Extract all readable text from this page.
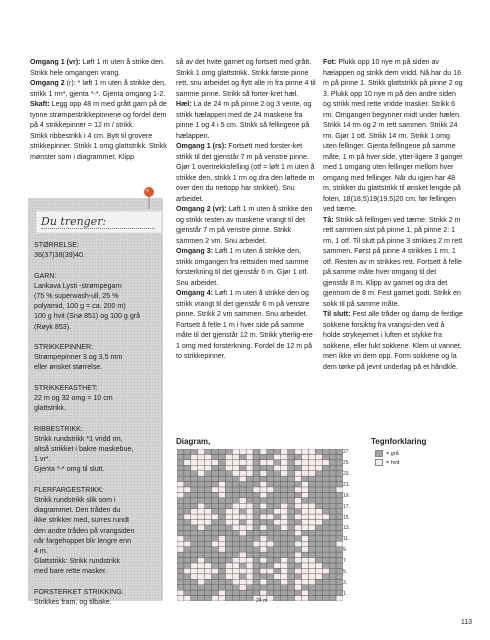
Omgang 1 (vr): Løft 1 m uten å strike den. Strikk hele omgangen vrang.

Omgang 2 (r): * løft 1 m uten å strikke den, strikk 1 rm*, gjenta *-*. Gjenta omgang 1-2.

Skaft: Legg opp 48 m med grått garn på de tynne strømpestrikkepinnene og fordel dem på 4 strikkepinner = 12 m / strikk.

Strikk ribbestrikk i 4 cm. Bytt til grovere strikkepinner. Strikk 1 omg glattstrikk. Strikk mønster som i diagrammet. Klipp

så av det hvite garnet og fortsett med grått.

Strikk 1 omg glattstrikk. Strikk første pinne rett, snu arbeidet og flytt alle m fra pinne 4 til samme pinne. Strikk så forter-kret hæl.

Hæl: La de 24 m på pinne 2 og 3 vente, og strikk hælappen med de 24 maskene fra pinne 1 og 4 i 5 cm. Strikk så fellingene på hælappen.

Omgang 1 (rs): Fortsett med forster-ket strikk til det gjenstår 7 m på venstre pinne. Gjør 1 overtrekksfelling (otf = løft 1 m uten å strikke den, strikk 1 rm og dra den løftede m over den du nettopp har strikket). Snu arbeidet.

Omgang 2 (vr): Løft 1 m uten å strikke den og strikk resten av maskene vrangt til det gjenstår 7 m på venstre pinne. Strikk sammen 2 vm. Snu arbeidet.

Omgang 3: Løft 1 m uten å strikke den, strikk omgangen fra rettsiden med samme forsterkning til det gjenstår 6 m. Gjør 1 otf. Snu arbeidet.

Omgang 4: Løft 1 m uten å strikke den og strikk vrangt til det gjenstår 6 m på venstre pinne. Strikk 2 vm sammen. Snu arbeidet.

Fortsett å felle 1 m i hver side på samme måte til det gjenstår 12 m. Strikk ytterlig-ere 1 omg med forsterkning. Fordel de 12 m på to strikkepinner.

Fot: Plukk opp 10 nye m på siden av hælappen og strikk dem vridd. Nå har du 16 m på pinne 1. Strikk glattstrikk på pinne 2 og 3. Plukk opp 10 nye m på den andre siden og strikk med rette vridde masker. Strikk 6 rm. Omgangen begynner midt under hælen. Strikk 14 rm og 2 m rett sammen. Strikk 24 rm. Gjør 1 otf. Strikk 14 rm. Strikk 1 omg uten fellinger. Gjenta fellingene på samme måte, 1 m på hver side, ytter-ligere 3 ganger med 1 omgang uten fellinger mellom hver omgang med fellinger. Når du igjen har 48 m, strikker du glattstrikk til ønsket lengde på foten, 18(18,5)19(19,5)20 cm, før fellingen ved tærne.

Tå: Strikk så fellingen ved tærne. Strikk 2 m rett sammen sist på pinne 1, på pinne 2: 1 rm, 1 otf. Til slutt på pinne 3 strikkes 2 m rett sammen. Først på pinne 4 strikkes 1 rm, 1 otf. Resten av m strikkes rett. Fortsett å felle på samme måte hver omgang til det gjenstår 8 m. Klipp av garnet og dra det gjennom de 8 m. Fest garnet godt. Strikk en sokk til på samme måte.

Til slutt: Fest alle tråder og damp de ferdige sokkene forsiktig fra vrangsi-den ved å holde strykejernet i luften et stykke fra sokkene, eller fukt sokkene. Klem ut vannet, men ikke vri dem opp. Form sokkene og la dem tørke på jevnt underlag på et håndkle.

Du trenger:

STØRRELSE:

36(37)38(39)40.

GARN:

Lankava Lysti -strømpegarn

(75 % superwash-ull, 25 %

polyamid, 100 g = ca. 200 m)

100 g hvit (Snø 851) og 100 g grå

(Røyk 853).

STRIKKEPINNER:

Strømpepinner 3 og 3,5 mm

eller ønsket størrelse.

STRIKKEFASTHET:

22 m og 32 omg = 10 cm

glattstrikk.

RIBBESTRIKK:

Strikk rundstrikk *1 vridd rm,

altså strikket i bakre maskebue,

1 vr*.

Gjenta *-* omg til slutt.

FLERFARGESTRIKK:

Strikk rundstrikk slik som i

diagrammet. Den tråden du

ikke strikker med, surres rundt

den andre tråden på vrangsiden

når fargehoppet blir lengre enn

4 m.

Glattstrikk: Strikk rundstrikk

med bare rette masker.

FORSTERKET STRIKKING:

Strikkes fram, og tilbake.

Diagram,	Tegnforklaring
27.
25.
23.
21.
19.
17.
15.
13.
11.
9.
7.
5.
3.
1.
24 m
= grå
= hvit
113
